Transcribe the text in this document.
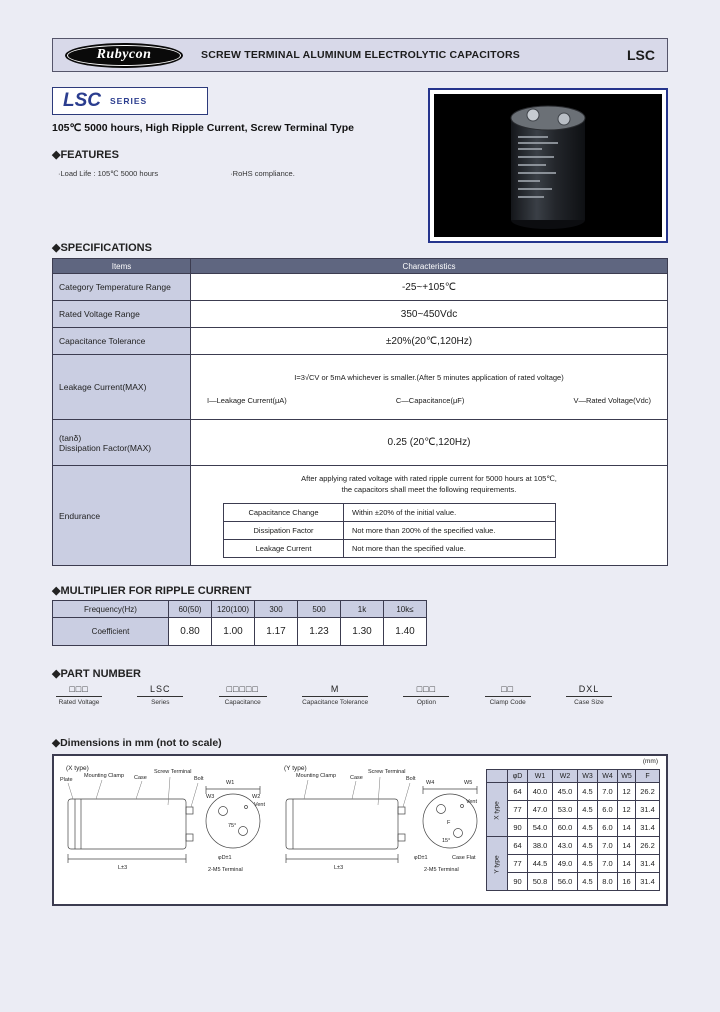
Rubycon	SCREW TERMINAL ALUMINUM ELECTROLYTIC CAPACITORS	LSC
LSC SERIES
105℃ 5000 hours, High Ripple Current, Screw Terminal Type
◆FEATURES
·Load Life : 105℃ 5000 hours	·RoHS compliance.
◆SPECIFICATIONS
Items	Characteristics
Category Temperature Range	-25~+105℃
Rated Voltage Range	350~450Vdc
Capacitance Tolerance	±20%(20℃,120Hz)
Leakage Current(MAX)	
I=3√CV or 5mA whichever is smaller.(After 5 minutes application of rated voltage)
I—Leakage Current(μA)	C—Capacitance(μF)	V—Rated Voltage(Vdc)

(tanδ)
Dissipation Factor(MAX)	0.25 (20℃,120Hz)
Endurance	
After applying rated voltage with rated ripple current for 5000 hours at 105℃,
the capacitors shall meet the following requirements.
Capacitance Change	Within ±20% of the initial value.
Dissipation Factor	Not more than 200% of the specified value.
Leakage Current	Not more than the specified value.
◆MULTIPLIER FOR RIPPLE CURRENT
Frequency(Hz)	60(50)	120(100)	300	500	1k	10k≤
Coefficient	0.80	1.00	1.17	1.23	1.30	1.40
◆PART NUMBER
□□□
Rated Voltage
LSC
Series
□□□□□
Capacitance
M
Capacitance Tolerance
□□□
Option
□□
Clamp Code
DXL
Case Size
◆Dimensions in mm (not to scale)
(mm)
(X type)
Plate
Mounting Clamp Case
Screw Terminal
Bolt
L±3
W1
W3	W2
Vent
75°
φD±1
2-M5 Terminal
(Y type)
Mounting Clamp	Case
Screw Terminal
Bolt
L±3
W4	W5
F
Vent
15°
φD±1	Case Flat
2-M5 Terminal
	φD	W1	W2	W3	W4	W5	F
X type	64	40.0	45.0	4.5	7.0	12	26.2
	77	47.0	53.0	4.5	6.0	12	31.4
	90	54.0	60.0	4.5	6.0	14	31.4
Y type	64	38.0	43.0	4.5	7.0	14	26.2
	77	44.5	49.0	4.5	7.0	14	31.4
	90	50.8	56.0	4.5	8.0	16	31.4
